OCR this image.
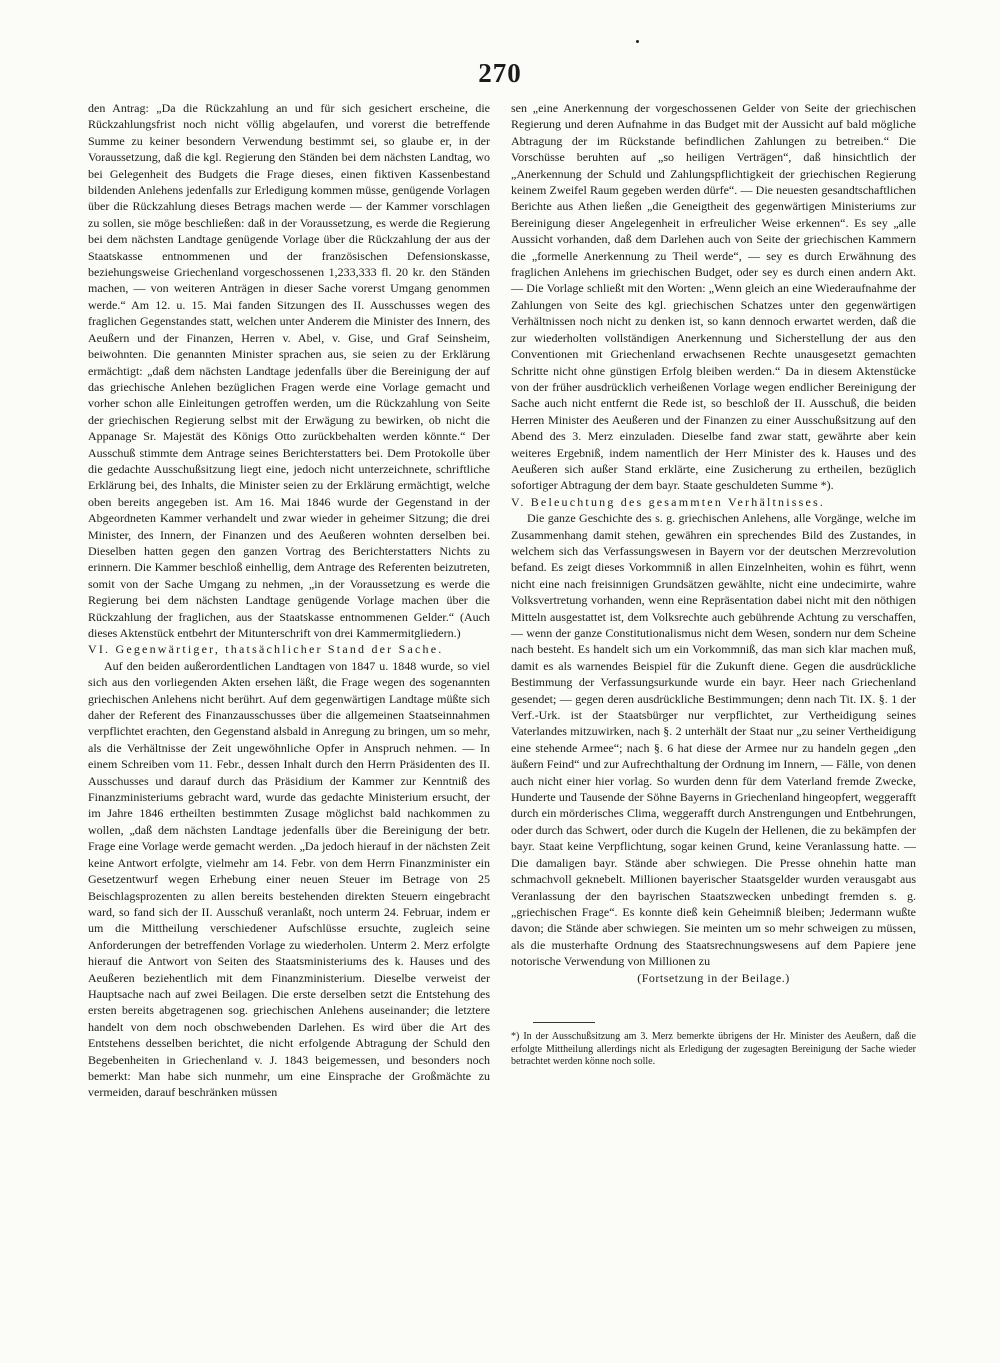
270

den Antrag: „Da die Rückzahlung an und für sich gesichert erscheine, die Rückzahlungsfrist noch nicht völlig abgelaufen, und vorerst die betreffende Summe zu keiner besondern Verwendung bestimmt sei, so glaube er, in der Voraussetzung, daß die kgl. Regierung den Ständen bei dem nächsten Landtag, wo bei Gelegenheit des Budgets die Frage dieses, einen fiktiven Kassenbestand bildenden Anlehens jedenfalls zur Erledigung kommen müsse, genügende Vorlagen über die Rückzahlung dieses Betrags machen werde — der Kammer vorschlagen zu sollen, sie möge beschließen: daß in der Voraussetzung, es werde die Regierung bei dem nächsten Landtage genügende Vorlage über die Rückzahlung der aus der Staatskasse entnommenen und der französischen Defensionskasse, beziehungsweise Griechenland vorgeschossenen 1,233,333 fl. 20 kr. den Ständen machen, — von weiteren Anträgen in dieser Sache vorerst Umgang genommen werde.“ Am 12. u. 15. Mai fanden Sitzungen des II. Ausschusses wegen des fraglichen Gegenstandes statt, welchen unter Anderem die Minister des Innern, des Aeußern und der Finanzen, Herren v. Abel, v. Gise, und Graf Seinsheim, beiwohnten. Die genannten Minister sprachen aus, sie seien zu der Erklärung ermächtigt: „daß dem nächsten Landtage jedenfalls über die Bereinigung der auf das griechische Anlehen bezüglichen Fragen werde eine Vorlage gemacht und vorher schon alle Einleitungen getroffen werden, um die Rückzahlung von Seite der griechischen Regierung selbst mit der Erwägung zu bewirken, ob nicht die Appanage Sr. Majestät des Königs Otto zurückbehalten werden könnte.“ Der Ausschuß stimmte dem Antrage seines Berichterstatters bei. Dem Protokolle über die gedachte Ausschußsitzung liegt eine, jedoch nicht unterzeichnete, schriftliche Erklärung bei, des Inhalts, die Minister seien zu der Erklärung ermächtigt, welche oben bereits angegeben ist. Am 16. Mai 1846 wurde der Gegenstand in der Abgeordneten Kammer verhandelt und zwar wieder in geheimer Sitzung; die drei Minister, des Innern, der Finanzen und des Aeußeren wohnten derselben bei. Dieselben hatten gegen den ganzen Vortrag des Berichterstatters Nichts zu erinnern. Die Kammer beschloß einhellig, dem Antrage des Referenten beizutreten, somit von der Sache Umgang zu nehmen, „in der Voraussetzung es werde die Regierung bei dem nächsten Landtage genügende Vorlage machen über die Rückzahlung der fraglichen, aus der Staatskasse entnommenen Gelder.“ (Auch dieses Aktenstück entbehrt der Mitunterschrift von drei Kammermitgliedern.)

VI. Gegenwärtiger, thatsächlicher Stand der Sache.

Auf den beiden außerordentlichen Landtagen von 1847 u. 1848 wurde, so viel sich aus den vorliegenden Akten ersehen läßt, die Frage wegen des sogenannten griechischen Anlehens nicht berührt. Auf dem gegenwärtigen Landtage müßte sich daher der Referent des Finanzausschusses über die allgemeinen Staatseinnahmen verpflichtet erachten, den Gegenstand alsbald in Anregung zu bringen, um so mehr, als die Verhältnisse der Zeit ungewöhnliche Opfer in Anspruch nehmen. — In einem Schreiben vom 11. Febr., dessen Inhalt durch den Herrn Präsidenten des II. Ausschusses und darauf durch das Präsidium der Kammer zur Kenntniß des Finanzministeriums gebracht ward, wurde das gedachte Ministerium ersucht, der im Jahre 1846 ertheilten bestimmten Zusage möglichst bald nachkommen zu wollen, „daß dem nächsten Landtage jedenfalls über die Bereinigung der betr. Frage eine Vorlage werde gemacht werden. „Da jedoch hierauf in der nächsten Zeit keine Antwort erfolgte, vielmehr am 14. Febr. von dem Herrn Finanzminister ein Gesetzentwurf wegen Erhebung einer neuen Steuer im Betrage von 25 Beischlagsprozenten zu allen bereits bestehenden direkten Steuern eingebracht ward, so fand sich der II. Ausschuß veranlaßt, noch unterm 24. Februar, indem er um die Mittheilung verschiedener Aufschlüsse ersuchte, zugleich seine Anforderungen der betreffenden Vorlage zu wiederholen. Unterm 2. Merz erfolgte hierauf die Antwort von Seiten des Staatsministeriums des k. Hauses und des Aeußeren beziehentlich mit dem Finanzministerium. Dieselbe verweist der Hauptsache nach auf zwei Beilagen. Die erste derselben setzt die Entstehung des ersten bereits abgetragenen sog. griechischen Anlehens auseinander; die letztere handelt von dem noch obschwebenden Darlehen. Es wird über die Art des Entstehens desselben berichtet, die nicht erfolgende Abtragung der Schuld den Begebenheiten in Griechenland v. J. 1843 beigemessen, und besonders noch bemerkt: Man habe sich nunmehr, um eine Einsprache der Großmächte zu vermeiden, darauf beschränken müssen

sen „eine Anerkennung der vorgeschossenen Gelder von Seite der griechischen Regierung und deren Aufnahme in das Budget mit der Aussicht auf bald mögliche Abtragung der im Rückstande befindlichen Zahlungen zu betreiben.“ Die Vorschüsse beruhten auf „so heiligen Verträgen“, daß hinsichtlich der „Anerkennung der Schuld und Zahlungspflichtigkeit der griechischen Regierung keinem Zweifel Raum gegeben werden dürfe“. — Die neuesten gesandtschaftlichen Berichte aus Athen ließen „die Geneigtheit des gegenwärtigen Ministeriums zur Bereinigung dieser Angelegenheit in erfreulicher Weise erkennen“. Es sey „alle Aussicht vorhanden, daß dem Darlehen auch von Seite der griechischen Kammern die „formelle Anerkennung zu Theil werde“, — sey es durch Erwähnung des fraglichen Anlehens im griechischen Budget, oder sey es durch einen andern Akt. — Die Vorlage schließt mit den Worten: „Wenn gleich an eine Wiederaufnahme der Zahlungen von Seite des kgl. griechischen Schatzes unter den gegenwärtigen Verhältnissen noch nicht zu denken ist, so kann dennoch erwartet werden, daß die zur wiederholten vollständigen Anerkennung und Sicherstellung der aus den Conventionen mit Griechenland erwachsenen Rechte unausgesetzt gemachten Schritte nicht ohne günstigen Erfolg bleiben werden.“ Da in diesem Aktenstücke von der früher ausdrücklich verheißenen Vorlage wegen endlicher Bereinigung der Sache auch nicht entfernt die Rede ist, so beschloß der II. Ausschuß, die beiden Herren Minister des Aeußeren und der Finanzen zu einer Ausschußsitzung auf den Abend des 3. Merz einzuladen. Dieselbe fand zwar statt, gewährte aber kein weiteres Ergebniß, indem namentlich der Herr Minister des k. Hauses und des Aeußeren sich außer Stand erklärte, eine Zusicherung zu ertheilen, bezüglich sofortiger Abtragung der dem bayr. Staate geschuldeten Summe *).

V. Beleuchtung des gesammten Verhältnisses.

Die ganze Geschichte des s. g. griechischen Anlehens, alle Vorgänge, welche im Zusammenhang damit stehen, gewähren ein sprechendes Bild des Zustandes, in welchem sich das Verfassungswesen in Bayern vor der deutschen Merzrevolution befand. Es zeigt dieses Vorkommniß in allen Einzelnheiten, wohin es führt, wenn nicht eine nach freisinnigen Grundsätzen gewählte, nicht eine undecimirte, wahre Volksvertretung vorhanden, wenn eine Repräsentation dabei nicht mit den nöthigen Mitteln ausgestattet ist, dem Volksrechte auch gebührende Achtung zu verschaffen, — wenn der ganze Constitutionalismus nicht dem Wesen, sondern nur dem Scheine nach besteht. Es handelt sich um ein Vorkommniß, das man sich klar machen muß, damit es als warnendes Beispiel für die Zukunft diene. Gegen die ausdrückliche Bestimmung der Verfassungsurkunde wurde ein bayr. Heer nach Griechenland gesendet; — gegen deren ausdrückliche Bestimmungen; denn nach Tit. IX. §. 1 der Verf.-Urk. ist der Staatsbürger nur verpflichtet, zur Vertheidigung seines Vaterlandes mitzuwirken, nach §. 2 unterhält der Staat nur „zu seiner Vertheidigung eine stehende Armee“; nach §. 6 hat diese der Armee nur zu handeln gegen „den äußern Feind“ und zur Aufrechthaltung der Ordnung im Innern, — Fälle, von denen auch nicht einer hier vorlag. So wurden denn für dem Vaterland fremde Zwecke, Hunderte und Tausende der Söhne Bayerns in Griechenland hingeopfert, weggerafft durch ein mörderisches Clima, weggerafft durch Anstrengungen und Entbehrungen, oder durch das Schwert, oder durch die Kugeln der Hellenen, die zu bekämpfen der bayr. Staat keine Verpflichtung, sogar keinen Grund, keine Veranlassung hatte. — Die damaligen bayr. Stände aber schwiegen. Die Presse ohnehin hatte man schmachvoll geknebelt. Millionen bayerischer Staatsgelder wurden verausgabt aus Veranlassung der den bayrischen Staatszwecken unbedingt fremden s. g. „griechischen Frage“. Es konnte dieß kein Geheimniß bleiben; Jedermann wußte davon; die Stände aber schwiegen. Sie meinten um so mehr schweigen zu müssen, als die musterhafte Ordnung des Staatsrechnungswesens auf dem Papiere jene notorische Verwendung von Millionen zu

(Fortsetzung in der Beilage.)

*) In der Ausschußsitzung am 3. Merz bemerkte übrigens der Hr. Minister des Aeußern, daß die erfolgte Mittheilung allerdings nicht als Erledigung der zugesagten Bereinigung der Sache wieder betrachtet werden könne noch solle.
